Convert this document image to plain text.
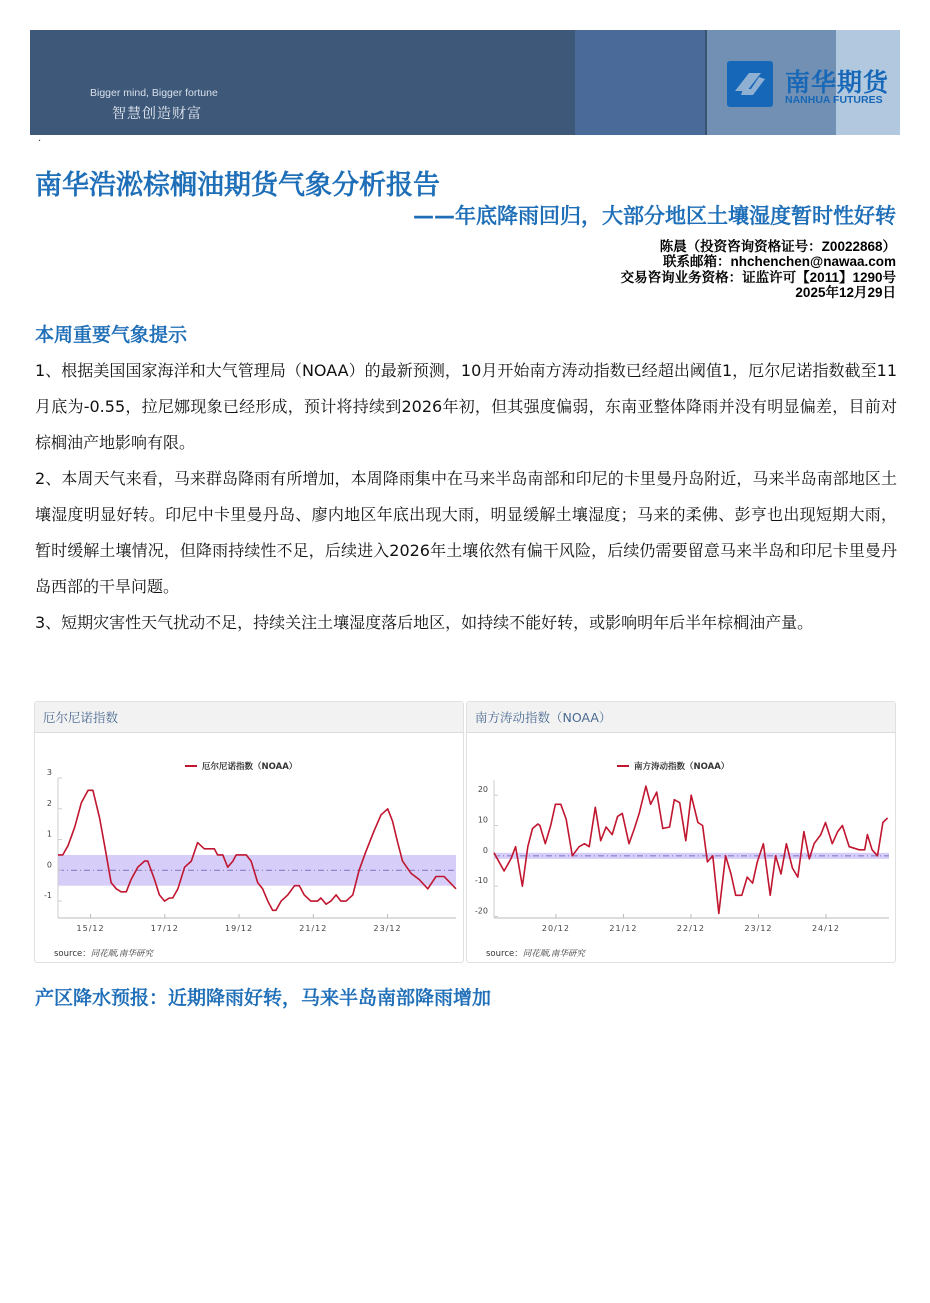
Bigger mind, Bigger fortune
智慧创造财富
南华期货
NANHUA FUTURES
·
南华浩淞棕榈油期货气象分析报告
——年底降雨回归，大部分地区土壤湿度暂时性好转
陈晨（投资咨询资格证号：Z0022868）
联系邮箱：nhchenchen@nawaa.com
交易咨询业务资格：证监许可【2011】1290号
2025年12月29日
本周重要气象提示

1、根据美国国家海洋和大气管理局（NOAA）的最新预测，10月开始南方涛动指数已经超出阈值1，厄尔尼诺指数截至11月底为-0.55，拉尼娜现象已经形成，预计将持续到2026年初，但其强度偏弱，东南亚整体降雨并没有明显偏差，目前对棕榈油产地影响有限。

2、本周天气来看，马来群岛降雨有所增加，本周降雨集中在马来半岛南部和印尼的卡里曼丹岛附近，马来半岛南部地区土壤湿度明显好转。印尼中卡里曼丹岛、廖内地区年底出现大雨，明显缓解土壤湿度；马来的柔佛、彭亨也出现短期大雨，暂时缓解土壤情况，但降雨持续性不足，后续进入2026年土壤依然有偏干风险，后续仍需要留意马来半岛和印尼卡里曼丹岛西部的干旱问题。

3、短期灾害性天气扰动不足，持续关注土壤湿度落后地区，如持续不能好转，或影响明年后半年棕榈油产量。

厄尔尼诺指数
3
2
1
0
-1
15/12	17/12	19/12	21/12	23/12
厄尔尼诺指数（NOAA）
source：同花顺,南华研究
南方涛动指数（NOAA）
20
10
0
-10
-20
20/12	21/12	22/12	23/12	24/12
南方涛动指数（NOAA）
source：同花顺,南华研究
产区降水预报：近期降雨好转，马来半岛南部降雨增加
